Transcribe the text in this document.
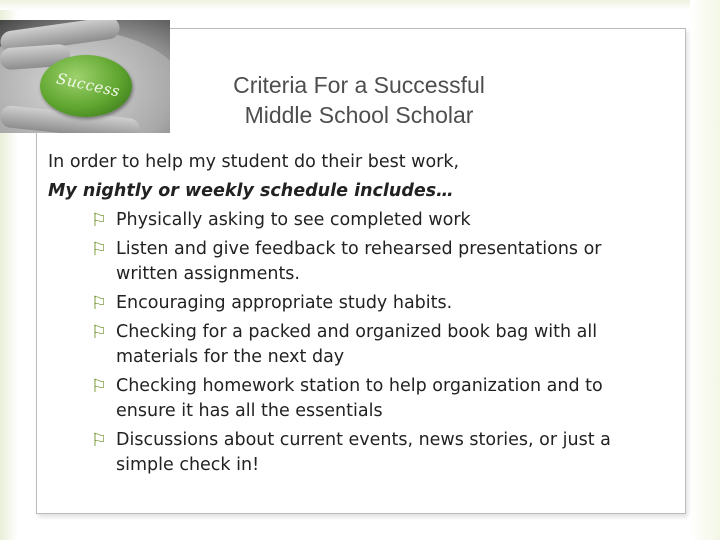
Success	Criteria For a Successful
Middle School Scholar
In order to help my student do their best work,
My nightly or weekly schedule includes…
⚐ Physically asking to see completed work
⚐ Listen and give feedback to rehearsed presentations or
written assignments.
⚐ Encouraging appropriate study habits.
⚐ Checking for a packed and organized book bag with all
materials for the next day
⚐ Checking homework station to help organization and to
ensure it has all the essentials
⚐ Discussions about current events, news stories, or just a
simple check in!
